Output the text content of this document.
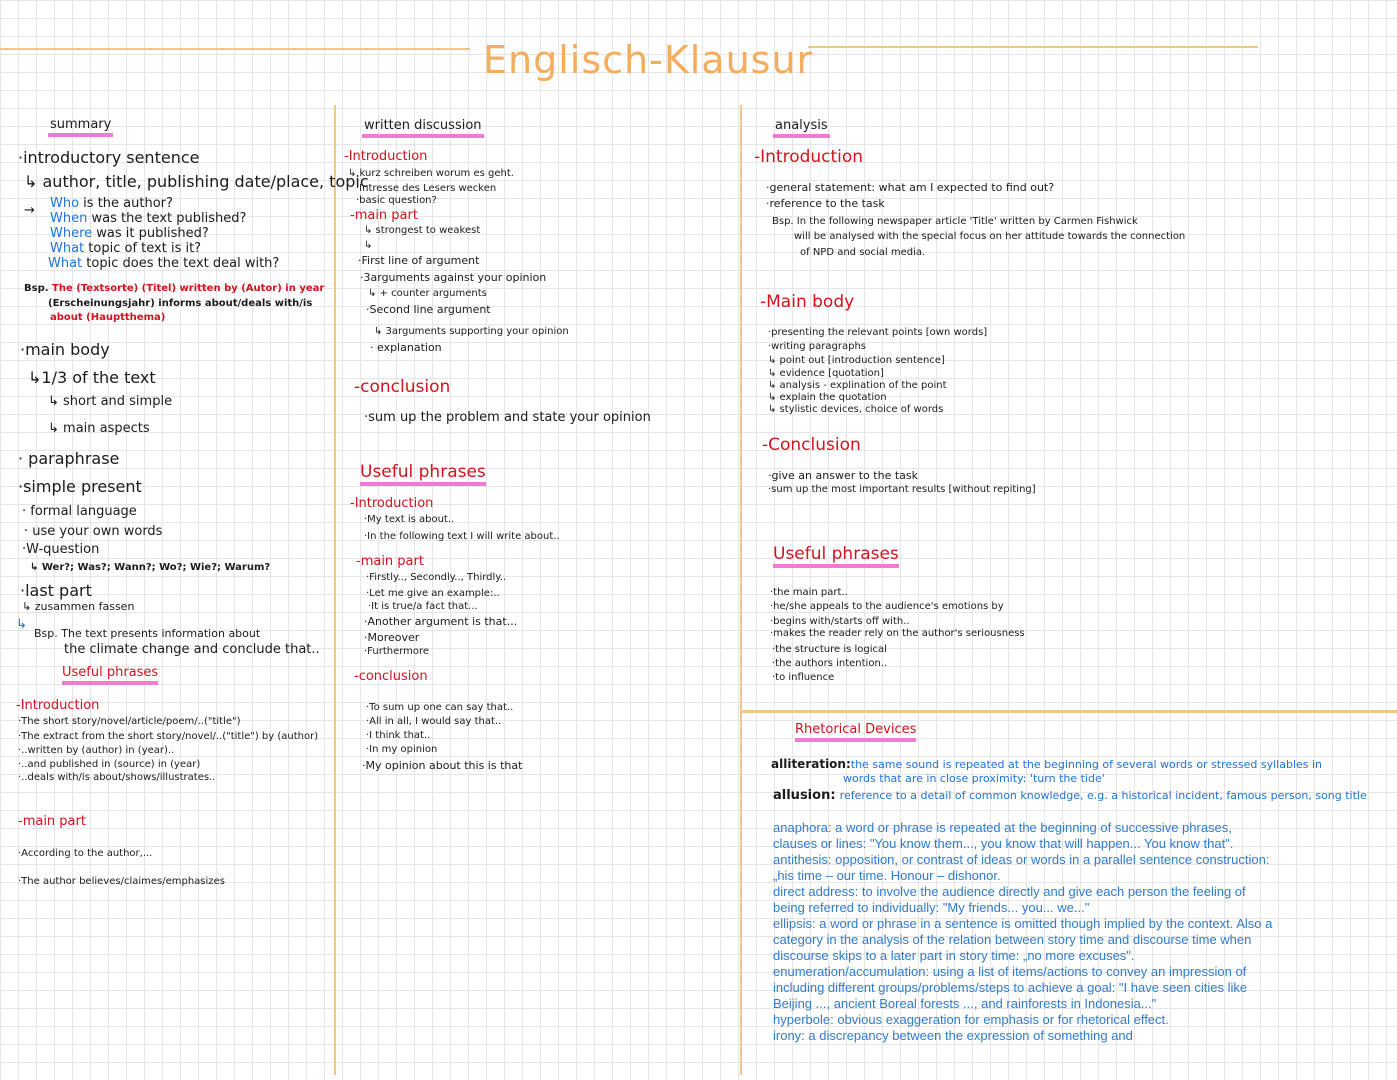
Englisch-Klausur
summary
·introductory sentence
↳ author, title, publishing date/place, topic
→ Who is the author?
When was the text published?
Where was it published?
What topic of text is it?
What topic does the text deal with?
Bsp. The (Textsorte) (Titel) written by (Autor) in year
(Erscheinungsjahr) informs about/deals with/is
about (Hauptthema)
·main body
↳1/3 of the text
↳ short and simple
↳ main aspects
· paraphrase
·simple present
· formal language
· use your own words
·W-question
↳ Wer?; Was?; Wann?; Wo?; Wie?; Warum?
·last part
↳ zusammen fassen
↳
Bsp. The text presents information about
the climate change and conclude that..
Useful phrases
-Introduction
·The short story/novel/article/poem/..("title")
·The extract from the short story/novel/..("title") by (author)
·..written by (author) in (year)..
·..and published in (source) in (year)
·..deals with/is about/shows/illustrates..
-main part
·According to the author,...
·The author believes/claimes/emphasizes
written discussion
-Introduction
↳ kurz schreiben worum es geht.
·Intresse des Lesers wecken
·basic question?
-main part
↳ strongest to weakest
↳
·First line of argument
·3arguments against your opinion
↳ + counter arguments
·Second line argument
↳ 3arguments supporting your opinion
· explanation
-conclusion
·sum up the problem and state your opinion
Useful phrases
-Introduction
·My text is about..
·In the following text I will write about..
-main part
·Firstly.., Secondly.., Thirdly..
·Let me give an example:..
·It is true/a fact that...
·Another argument is that...
·Moreover
·Furthermore
-conclusion
·To sum up one can say that..
·All in all, I would say that..
·I think that..
·In my opinion
·My opinion about this is that
analysis
-Introduction
·general statement: what am I expected to find out?
·reference to the task
Bsp. In the following newspaper article 'Title' written by Carmen Fishwick
will be analysed with the special focus on her attitude towards the connection
of NPD and social media.
-Main body
·presenting the relevant points [own words]
·writing paragraphs
↳ point out [introduction sentence]
↳ evidence [quotation]
↳ analysis - explination of the point
↳ explain the quotation
↳ stylistic devices, choice of words
-Conclusion
·give an answer to the task
·sum up the most important results [without repiting]
Useful phrases
·the main part..
·he/she appeals to the audience's emotions by
·begins with/starts off with..
·makes the reader rely on the author's seriousness
·the structure is logical
·the authors intention..
·to influence
Rhetorical Devices
alliteration:the same sound is repeated at the beginning of several words or stressed syllables in
words that are in close proximity: 'turn the tide'
allusion: reference to a detail of common knowledge, e.g. a historical incident, famous person, song title

anaphora: a word or phrase is repeated at the beginning of successive phrases,

clauses or lines: "You know them..., you know that will happen... You know that".

antithesis: opposition, or contrast of ideas or words in a parallel sentence construction:

„his time – our time. Honour – dishonor.

direct address: to involve the audience directly and give each person the feeling of

being referred to individually: "My friends... you... we..."

ellipsis: a word or phrase in a sentence is omitted though implied by the context. Also a

category in the analysis of the relation between story time and discourse time when

discourse skips to a later part in story time: „no more excuses".

enumeration/accumulation: using a list of items/actions to convey an impression of

including different groups/problems/steps to achieve a goal: "I have seen cities like

Beijing ..., ancient Boreal forests ..., and rainforests in Indonesia..."

hyperbole: obvious exaggeration for emphasis or for rhetorical effect.

irony: a discrepancy between the expression of something and
